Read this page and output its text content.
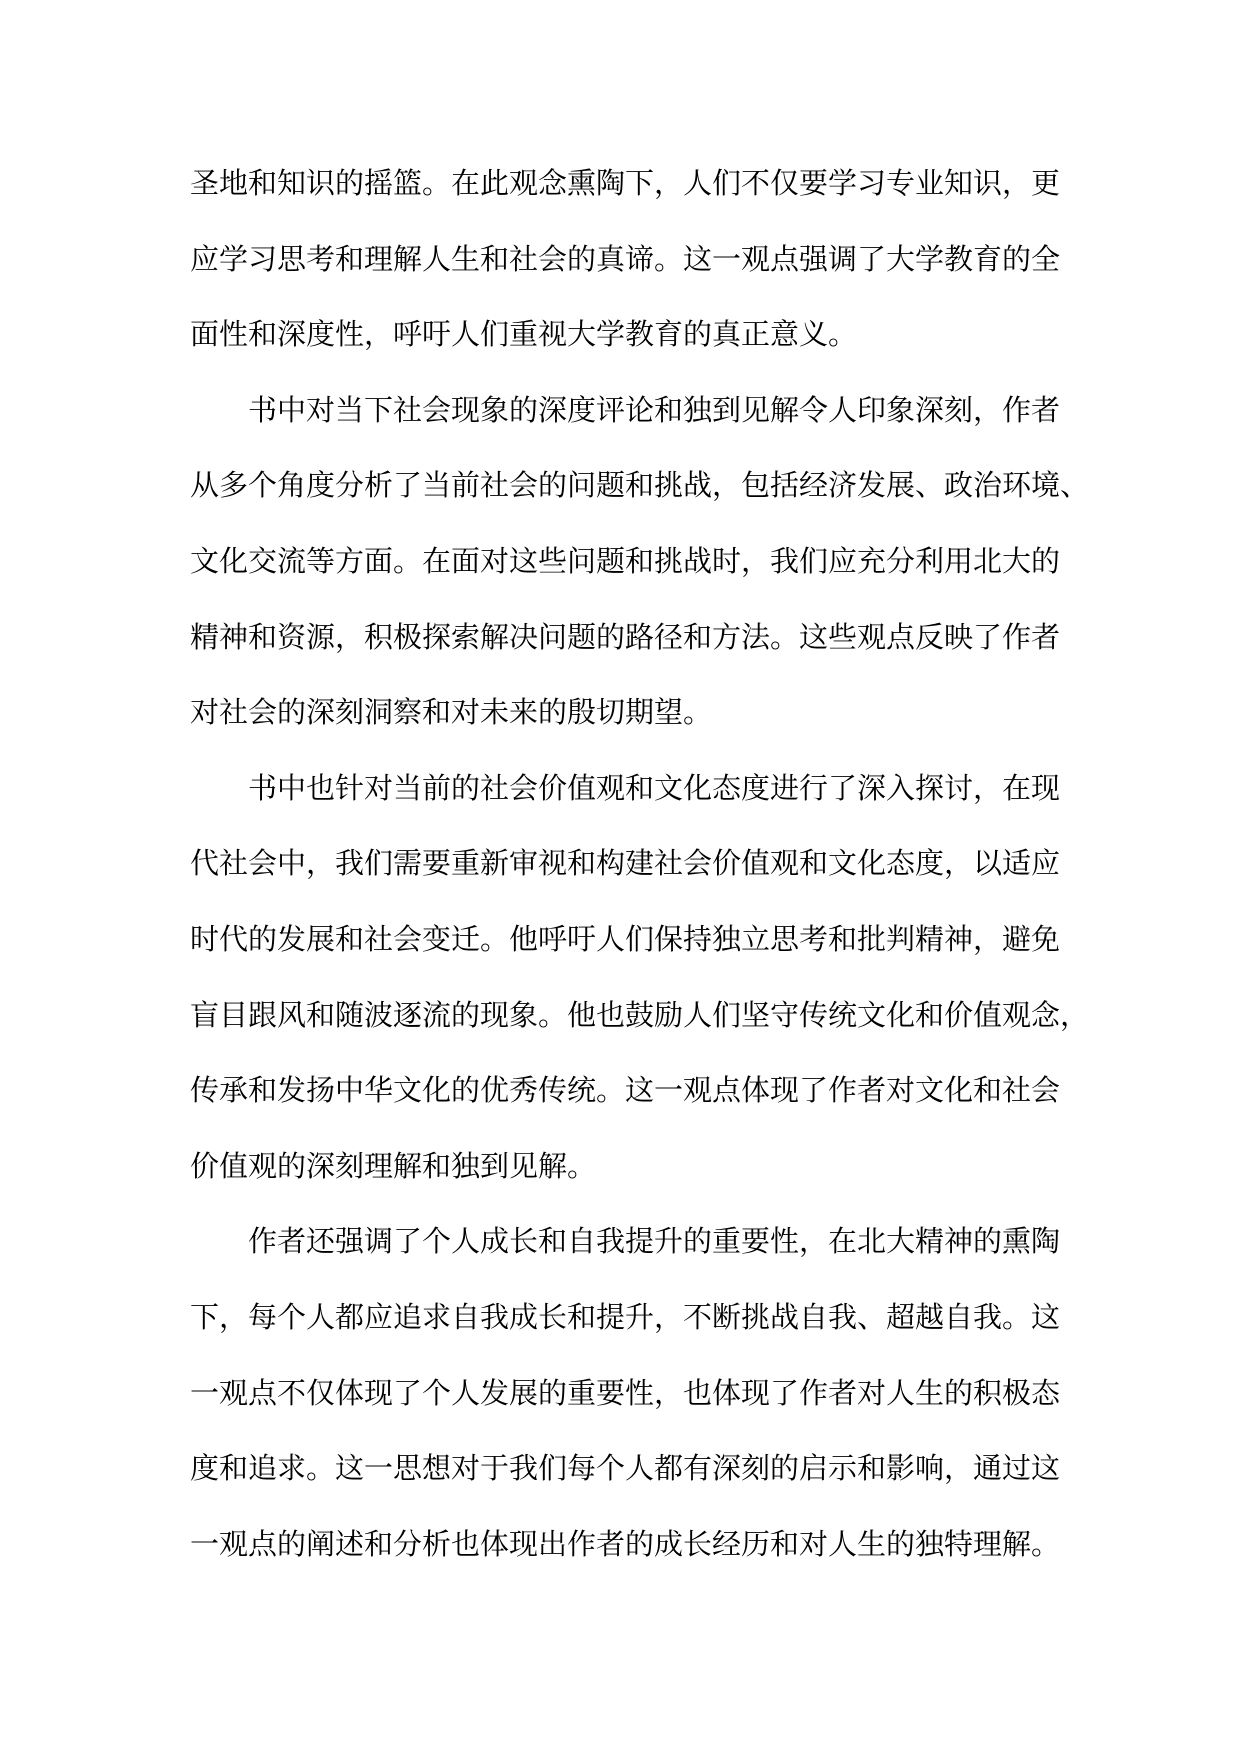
圣地和知识的摇篮。在此观念熏陶下，人们不仅要学习专业知识，更
应学习思考和理解人生和社会的真谛。这一观点强调了大学教育的全
面性和深度性，呼吁人们重视大学教育的真正意义。
书中对当下社会现象的深度评论和独到见解令人印象深刻，作者
从多个角度分析了当前社会的问题和挑战，包括经济发展、政治环境、
文化交流等方面。在面对这些问题和挑战时，我们应充分利用北大的
精神和资源，积极探索解决问题的路径和方法。这些观点反映了作者
对社会的深刻洞察和对未来的殷切期望。
书中也针对当前的社会价值观和文化态度进行了深入探讨，在现
代社会中，我们需要重新审视和构建社会价值观和文化态度，以适应
时代的发展和社会变迁。他呼吁人们保持独立思考和批判精神，避免
盲目跟风和随波逐流的现象。他也鼓励人们坚守传统文化和价值观念，
传承和发扬中华文化的优秀传统。这一观点体现了作者对文化和社会
价值观的深刻理解和独到见解。
作者还强调了个人成长和自我提升的重要性，在北大精神的熏陶
下，每个人都应追求自我成长和提升，不断挑战自我、超越自我。这
一观点不仅体现了个人发展的重要性，也体现了作者对人生的积极态
度和追求。这一思想对于我们每个人都有深刻的启示和影响，通过这
一观点的阐述和分析也体现出作者的成长经历和对人生的独特理解。
